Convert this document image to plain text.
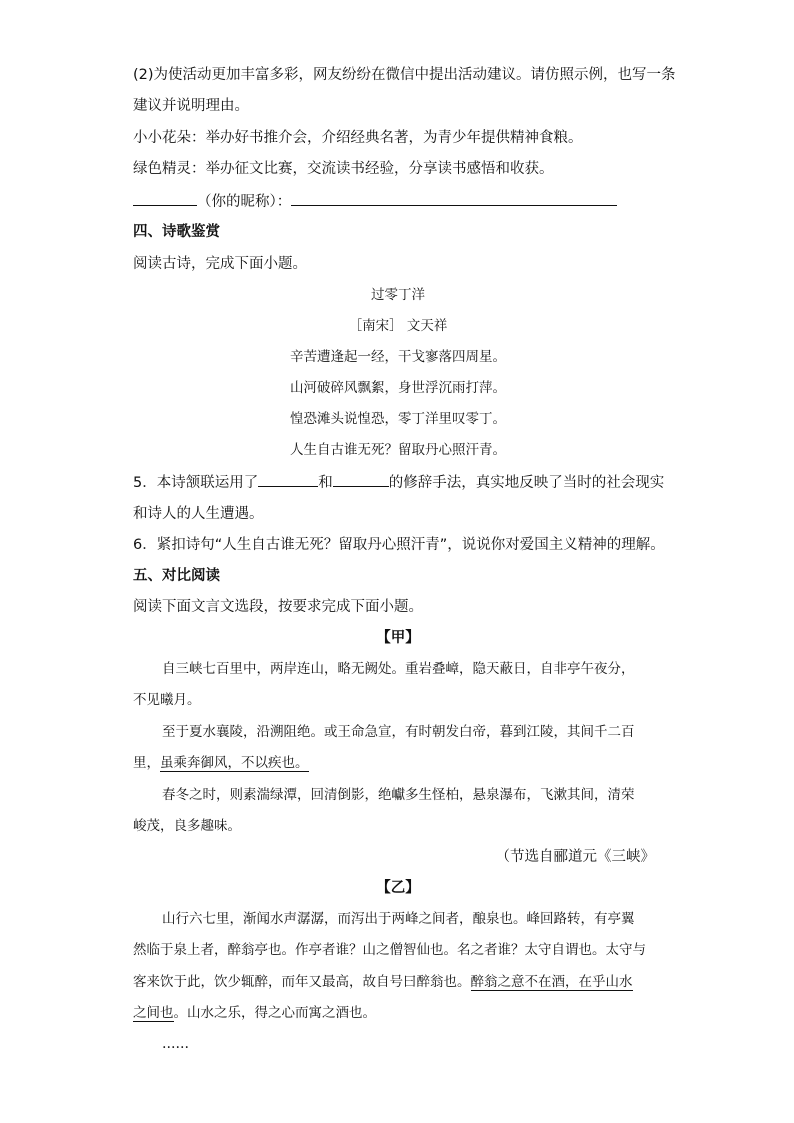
(2)为使活动更加丰富多彩，网友纷纷在微信中提出活动建议。请仿照示例，也写一条
建议并说明理由。
小小花朵：举办好书推介会，介绍经典名著，为青少年提供精神食粮。
绿色精灵：举办征文比赛，交流读书经验，分享读书感悟和收获。
（你的昵称）：
四、诗歌鉴赏
阅读古诗，完成下面小题。
过零丁洋
［南宋］ 文天祥
辛苦遭逢起一经，干戈寥落四周星。
山河破碎风飘絮，身世浮沉雨打萍。
惶恐滩头说惶恐，零丁洋里叹零丁。
人生自古谁无死？留取丹心照汗青。
5．本诗颔联运用了	和	的修辞手法，真实地反映了当时的社会现实
和诗人的人生遭遇。
6．紧扣诗句“人生自古谁无死？留取丹心照汗青”，说说你对爱国主义精神的理解。
五、对比阅读
阅读下面文言文选段，按要求完成下面小题。
【甲】
自三峡七百里中，两岸连山，略无阙处。重岩叠嶂，隐天蔽日，自非亭午夜分，
不见曦月。
至于夏水襄陵，沿溯阻绝。或王命急宣，有时朝发白帝，暮到江陵，其间千二百
里，虽乘奔御风，不以疾也。
春冬之时，则素湍绿潭，回清倒影，绝巘多生怪柏，悬泉瀑布，飞漱其间，清荣
峻茂，良多趣味。
（节选自郦道元《三峡》
【乙】
山行六七里，渐闻水声潺潺，而泻出于两峰之间者，酿泉也。峰回路转，有亭翼
然临于泉上者，醉翁亭也。作亭者谁？山之僧智仙也。名之者谁？太守自谓也。太守与
客来饮于此，饮少辄醉，而年又最高，故自号曰醉翁也。醉翁之意不在酒，在乎山水
之间也。山水之乐，得之心而寓之酒也。
……
